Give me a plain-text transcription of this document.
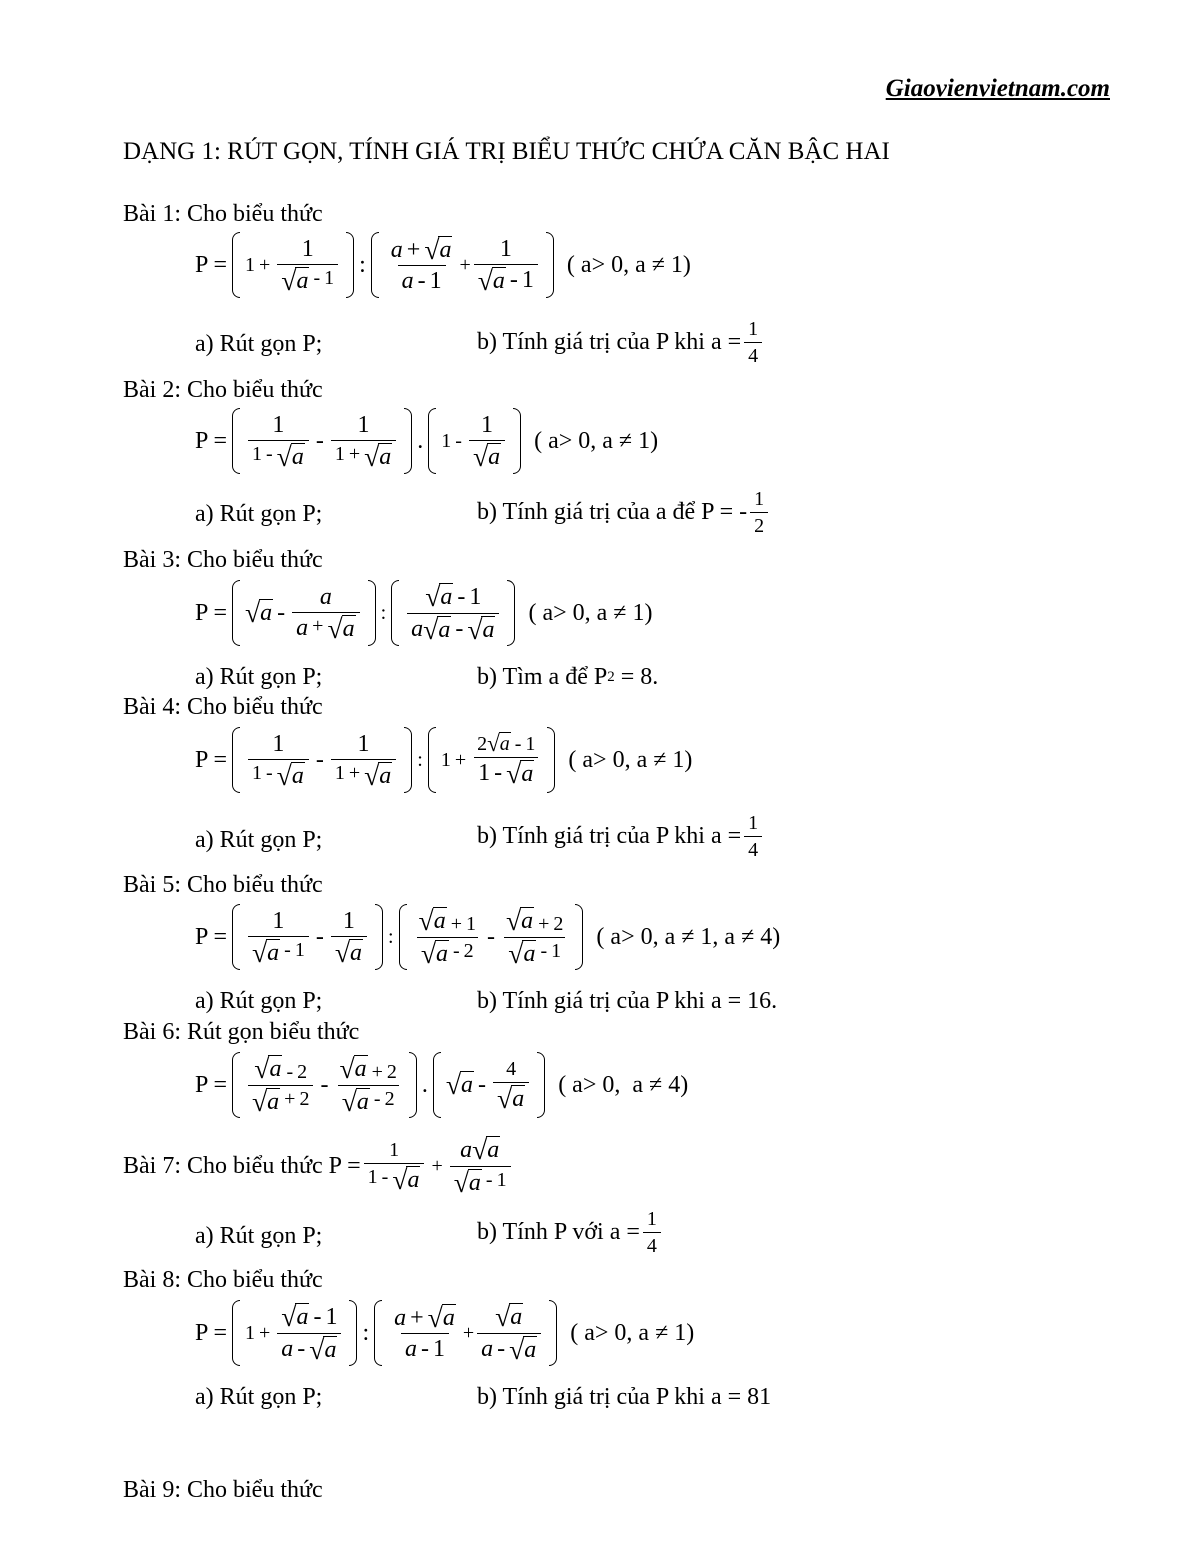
Giaovienvietnam.com
DẠNG 1: RÚT GỌN, TÍNH GIÁ TRỊ BIỂU THỨC CHỨA CĂN BẬC HAI
Bài 1: Cho biểu thức
$P = 1 + \frac{1}{√ a - 1}$ : $\frac{a + √ a}{a - 1} + \frac{1}{√ a - 1}$ ( a> 0, a ≠ 1)
a) Rút gọn P;	b) Tính giá trị của P khi $a = \frac{1}{4}$
Bài 2: Cho biểu thức
$P = \frac{1}{1 - √ a} - \frac{1}{1 + √ a}$ . $1 - \frac{1}{√ a}$ ( a> 0, a ≠ 1)
a) Rút gọn P;	b) Tính giá trị của a để P = - $\frac{1}{2}$
Bài 3: Cho biểu thức
P = √ a - $\frac{a}{a + √ a}$ : $\frac{√ a - 1}{a √ a - √ a}$ ( a> 0, a ≠ 1)
a) Rút gọn P;	b) Tìm a để P 2 = 8.
Bài 4: Cho biểu thức
$P = \frac{1}{1 - √ a} - \frac{1}{1 + √ a}$ : $1 + \frac{2 √ a - 1}{1 - √ a}$ ( a> 0, a ≠ 1)
a) Rút gọn P;	b) Tính giá trị của P khi $a = \frac{1}{4}$
Bài 5: Cho biểu thức
$P = \frac{1}{√ a - 1} - \frac{1}{√ a}$ : $\frac{√ a + 1}{√ a - 2} - \frac{√ a + 2}{√ a - 1}$ ( a> 0, a ≠ 1, a ≠ 4)
a) Rút gọn P;	b) Tính giá trị của P khi a = 16.
Bài 6: Rút gọn biểu thức
$P = \frac{√ a - 2}{√ a + 2} - \frac{√ a + 2}{√ a - 2}$ . √ a - $\frac{4}{√ a}$ ( a> 0,  a ≠ 4)
Bài 7: Cho biểu thức $P = \frac{1}{1 - √ a} + \frac{a √ a}{√ a - 1}$
a) Rút gọn P;	b) Tính P với $a = \frac{1}{4}$
Bài 8: Cho biểu thức
$P = 1 + \frac{√ a - 1}{a - √ a}$ : $\frac{a + √ a}{a - 1} + \frac{√ a}{a - √ a}$ ( a> 0, a ≠ 1)
a) Rút gọn P;	b) Tính giá trị của P khi a = 81
Bài 9: Cho biểu thức
